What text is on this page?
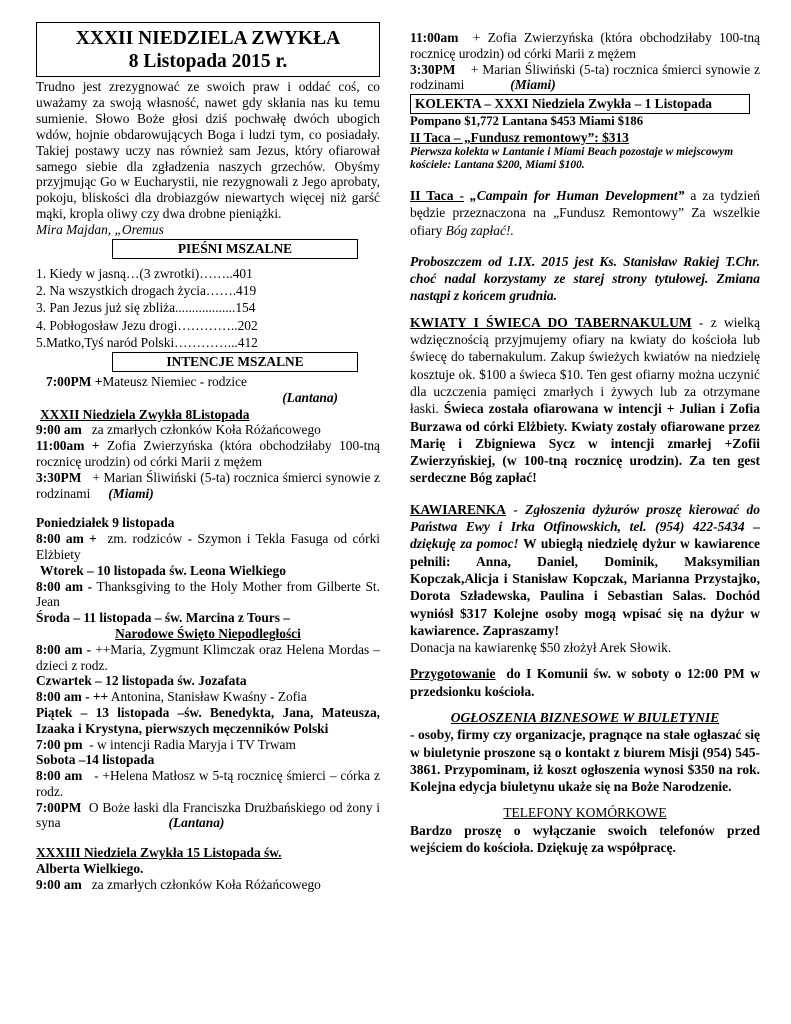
XXXII NIEDZIELA ZWYKŁA

8 Listopada 2015 r.

Trudno jest zrezygnować ze swoich praw i oddać coś, co uważamy za swoją własność, nawet gdy skłania nas ku temu sumienie. Słowo Boże głosi dziś pochwałę dwóch ubogich wdów, hojnie obdarowujących Boga i ludzi tym, co posiadały. Takiej postawy uczy nas również sam Jezus, który ofiarował samego siebie dla zgładzenia naszych grzechów. Obyśmy przyjmując Go w Eucharystii, nie rezygnowali z Jego aprobaty, pokoju, bliskości dla drobiazgów niewartych więcej niż garść mąki, kropla oliwy czy dwa drobne pieniążki.

Mira Majdan, „Oremus

PIEŚNI MSZALNE

1. Kiedy w jasną…(3 zwrotki)……..401

2. Na wszystkich drogach życia…….419

3. Pan Jezus już się zbliża..................154

4. Pobłogosław Jezu drogi…………..202

5.Matko,Tyś naród Polski…………...412

INTENCJE MSZALNE

7:00PM +Mateusz Niemiec - rodzice

(Lantana)

XXXII Niedziela Zwykła 8Listopada

9:00 am za zmarłych członków Koła Różańcowego

11:00am + Zofia Zwierzyńska (która obchodziłaby 100-tną rocznicę urodzin) od córki Marii z mężem

3:30PM + Marian Śliwiński (5-ta) rocznica śmierci synowie z rodzinami (Miami)

Poniedziałek 9 listopada

8:00 am + zm. rodziców - Szymon i Tekla Fasuga od córki Elżbiety

Wtorek – 10 listopada św. Leona Wielkiego

8:00 am - Thanksgiving to the Holy Mother from Gilberte St. Jean

Środa – 11 listopada – św. Marcina z Tours –

Narodowe Święto Niepodległości

8:00 am - ++Maria, Zygmunt Klimczak oraz Helena Mordas – dzieci z rodz.

Czwartek – 12 listopada św. Jozafata

8:00 am - ++ Antonina, Stanisław Kwaśny - Zofia

Piątek – 13 listopada –św. Benedykta, Jana, Mateusza, Izaaka i Krystyna, pierwszych męczenników Polski

7:00 pm - w intencji Radia Maryja i TV Trwam

Sobota –14 listopada

8:00 am - +Helena Matłosz w 5-tą rocznicę śmierci – córka z rodz.

7:00PM O Boże łaski dla Franciszka Drużbańskiego od żony i syna	(Lantana)

XXXIII Niedziela Zwykła 15 Listopada św.

Alberta Wielkiego.

9:00 am za zmarłych członków Koła Różańcowego

11:00am + Zofia Zwierzyńska (która obchodziłaby 100-tną rocznicę urodzin) od córki Marii z mężem

3:30PM + Marian Śliwiński (5-ta) rocznica śmierci synowie z rodzinami	(Miami)

KOLEKTA – XXXI Niedziela Zwykła – 1 Listopada

Pompano $1,772 Lantana $453 Miami $186

II Taca – „Fundusz remontowy”: $313

Pierwsza kolekta w Lantanie i Miami Beach pozostaje w miejscowym kościele: Lantana $200, Miami $100.

II Taca - „Campain for Human Development” a za tydzień będzie przeznaczona na „Fundusz Remontowy” Za wszelkie ofiary Bóg zapłać!.

Proboszczem od 1.IX. 2015 jest Ks. Stanisław Rakiej T.Chr. choć nadal korzystamy ze starej strony tytułowej. Zmiana nastąpi z końcem grudnia.

KWIATY I ŚWIECA DO TABERNAKULUM - z wielką wdzięcznością przyjmujemy ofiary na kwiaty do kościoła lub świecę do tabernakulum. Zakup świeżych kwiatów na niedzielę kosztuje ok. $100 a świeca $10. Ten gest ofiarny można uczynić dla uczczenia pamięci zmarłych i żywych lub za otrzymane łaski. Świeca została ofiarowana w intencji + Julian i Zofia Burzawa od córki Elżbiety. Kwiaty zostały ofiarowane przez Marię i Zbigniewa Sycz w intencji zmarłej +Zofii Zwierzyńskiej, (w 100-tną rocznicę urodzin). Za ten gest serdeczne Bóg zapłać!

KAWIARENKA - Zgłoszenia dyżurów proszę kierować do Państwa Ewy i Irka Otfinowskich, tel. (954) 422-5434 – dziękuję za pomoc! W ubiegłą niedzielę dyżur w kawiarence pełnili: Anna, Daniel, Dominik, Maksymilian Kopczak,Alicja i Stanisław Kopczak, Marianna Przystajko, Dorota Szładewska, Paulina i Sebastian Salas. Dochód wyniósł $317 Kolejne osoby mogą wpisać się na dyżur w kawiarence. Zapraszamy!

Donacja na kawiarenkę $50 złożył Arek Słowik.

Przygotowanie do I Komunii św. w soboty o 12:00 PM w przedsionku kościoła.

OGŁOSZENIA BIZNESOWE W BIULETYNIE

- osoby, firmy czy organizacje, pragnące na stałe ogłaszać się w biuletynie proszone są o kontakt z biurem Misji (954) 545-3861. Przypominam, iż koszt ogłoszenia wynosi $350 na rok. Kolejna edycja biuletynu ukaże się na Boże Narodzenie.

TELEFONY KOMÓRKOWE

Bardzo proszę o wyłączanie swoich telefonów przed wejściem do kościoła. Dziękuję za współpracę.
